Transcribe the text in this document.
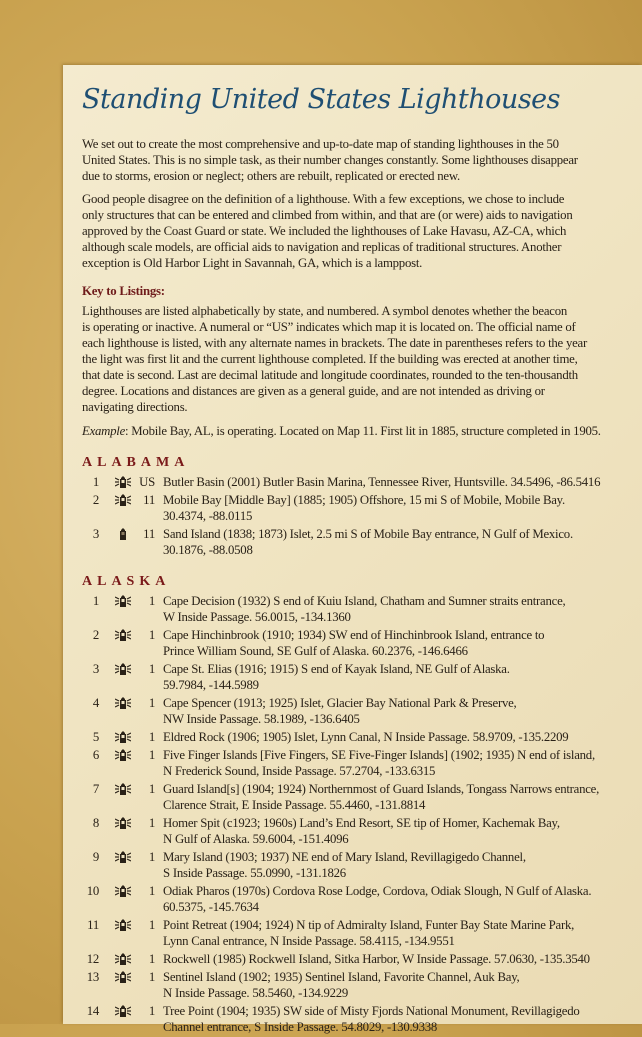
Standing United States Lighthouses
We set out to create the most comprehensive and up-to-date map of standing lighthouses in the 50
United States. This is no simple task, as their number changes constantly. Some lighthouses disappear
due to storms, erosion or neglect; others are rebuilt, replicated or erected new.
Good people disagree on the definition of a lighthouse. With a few exceptions, we chose to include
only structures that can be entered and climbed from within, and that are (or were) aids to navigation
approved by the Coast Guard or state. We included the lighthouses of Lake Havasu, AZ-CA, which
although scale models, are official aids to navigation and replicas of traditional structures. Another
exception is Old Harbor Light in Savannah, GA, which is a lamppost.
Key to Listings:
Lighthouses are listed alphabetically by state, and numbered. A symbol denotes whether the beacon
is operating or inactive. A numeral or “US” indicates which map it is located on. The official name of
each lighthouse is listed, with any alternate names in brackets. The date in parentheses refers to the year
the light was first lit and the current lighthouse completed. If the building was erected at another time,
that date is second. Last are decimal latitude and longitude coordinates, rounded to the ten-thousandth
degree. Locations and distances are given as a general guide, and are not intended as driving or
navigating directions.
Example: Mobile Bay, AL, is operating. Located on Map 11. First lit in 1885, structure completed in 1905.
ALABAMA
1	US Butler Basin (2001) Butler Basin Marina, Tennessee River, Huntsville. 34.5496, -86.5416
2	11 Mobile Bay [Middle Bay] (1885; 1905) Offshore, 15 mi S of Mobile, Mobile Bay.
30.4374, -88.0115
3	11 Sand Island (1838; 1873) Islet, 2.5 mi S of Mobile Bay entrance, N Gulf of Mexico.
30.1876, -88.0508
ALASKA
1	1 Cape Decision (1932) S end of Kuiu Island, Chatham and Sumner straits entrance,
W Inside Passage. 56.0015, -134.1360
2	1 Cape Hinchinbrook (1910; 1934) SW end of Hinchinbrook Island, entrance to
Prince William Sound, SE Gulf of Alaska. 60.2376, -146.6466
3	1 Cape St. Elias (1916; 1915) S end of Kayak Island, NE Gulf of Alaska.
59.7984, -144.5989
4	1 Cape Spencer (1913; 1925) Islet, Glacier Bay National Park & Preserve,
NW Inside Passage. 58.1989, -136.6405
5	1 Eldred Rock (1906; 1905) Islet, Lynn Canal, N Inside Passage. 58.9709, -135.2209
6	1 Five Finger Islands [Five Fingers, SE Five-Finger Islands] (1902; 1935) N end of island,
N Frederick Sound, Inside Passage. 57.2704, -133.6315
7	1 Guard Island[s] (1904; 1924) Northernmost of Guard Islands, Tongass Narrows entrance,
Clarence Strait, E Inside Passage. 55.4460, -131.8814
8	1 Homer Spit (c1923; 1960s) Land’s End Resort, SE tip of Homer, Kachemak Bay,
N Gulf of Alaska. 59.6004, -151.4096
9	1 Mary Island (1903; 1937) NE end of Mary Island, Revillagigedo Channel,
S Inside Passage. 55.0990, -131.1826
10	1 Odiak Pharos (1970s) Cordova Rose Lodge, Cordova, Odiak Slough, N Gulf of Alaska.
60.5375, -145.7634
11	1 Point Retreat (1904; 1924) N tip of Admiralty Island, Funter Bay State Marine Park,
Lynn Canal entrance, N Inside Passage. 58.4115, -134.9551
12	1 Rockwell (1985) Rockwell Island, Sitka Harbor, W Inside Passage. 57.0630, -135.3540
13	1 Sentinel Island (1902; 1935) Sentinel Island, Favorite Channel, Auk Bay,
N Inside Passage. 58.5460, -134.9229
14	1 Tree Point (1904; 1935) SW side of Misty Fjords National Monument, Revillagigedo
Channel entrance, S Inside Passage. 54.8029, -130.9338
